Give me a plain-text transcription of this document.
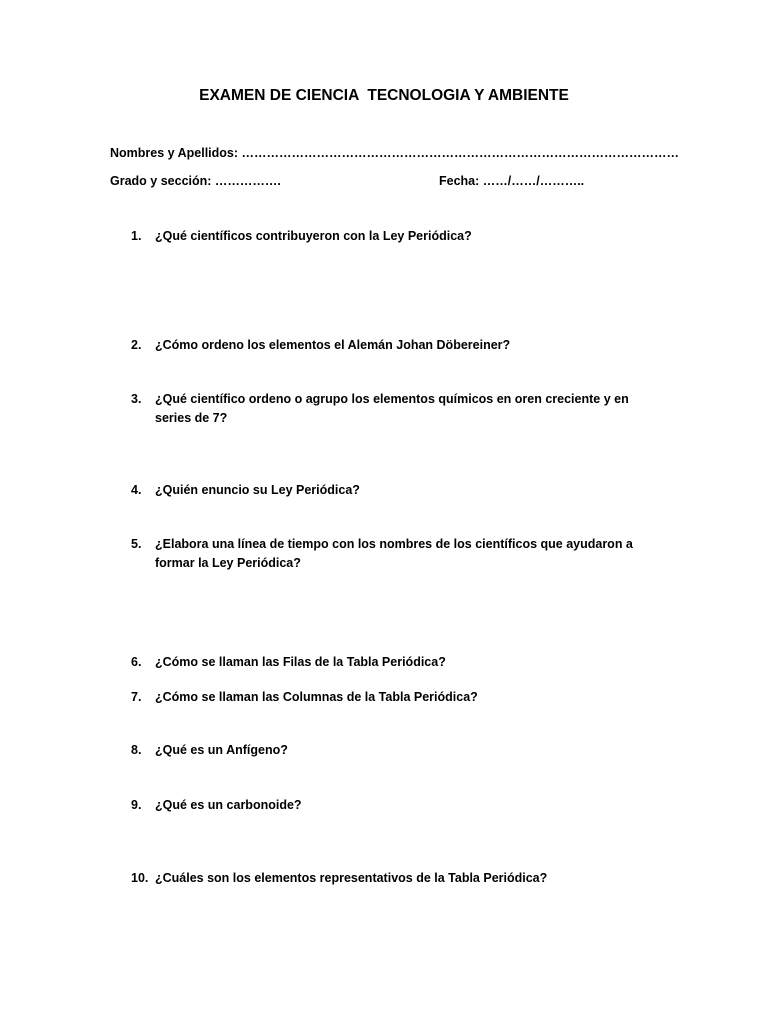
EXAMEN DE CIENCIA  TECNOLOGIA Y AMBIENTE
Nombres y Apellidos: ……………………………………………………………………………………………
Grado y sección: …………….	Fecha: ……/……/………..
1.	¿Qué científicos contribuyeron con la Ley Periódica?
2.	¿Cómo ordeno los elementos el Alemán Johan Döbereiner?
3.	¿Qué científico ordeno o agrupo los elementos químicos en oren creciente y en series de 7?
4.	¿Quién enuncio su Ley Periódica?
5.	¿Elabora una línea de tiempo con los nombres de los científicos que ayudaron a formar la Ley Periódica?
6.	¿Cómo se llaman las Filas de la Tabla Periódica?
7.	¿Cómo se llaman las Columnas de la Tabla Periódica?
8.	¿Qué es un Anfígeno?
9.	¿Qué es un carbonoide?
10. ¿Cuáles son los elementos representativos de la Tabla Periódica?
